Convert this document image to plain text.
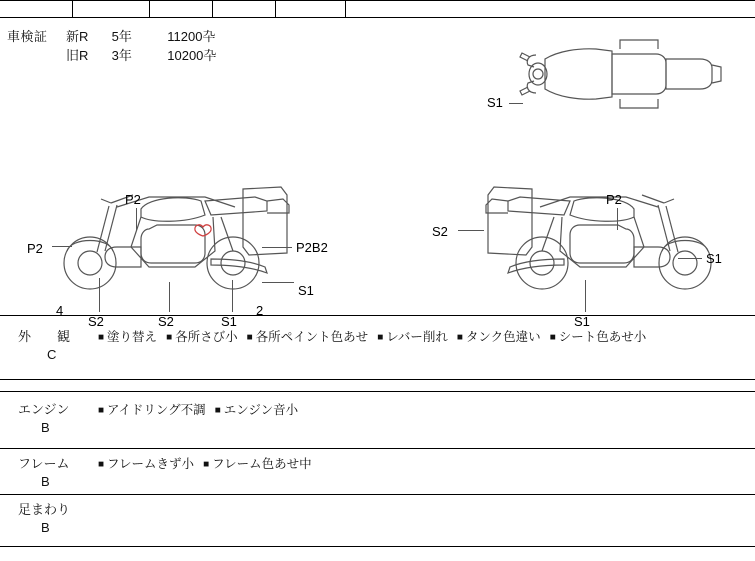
車検証 新R 5年	11200卆
旧R 3年	10200卆
S1
P2
P2	P2B2
S1
4
S2	S2	S1
2
P2
S2
S1
S1
外　　観
C
■ 塗り替え ■ 各所さび小 ■ 各所ペイント色あせ ■ レバー削れ ■ タンク色違い ■ シート色あせ小
エンジン
B
■ アイドリング不調 ■ エンジン音小
フレーム
B
■ フレームきず小 ■ フレーム色あせ中
足まわり
B
